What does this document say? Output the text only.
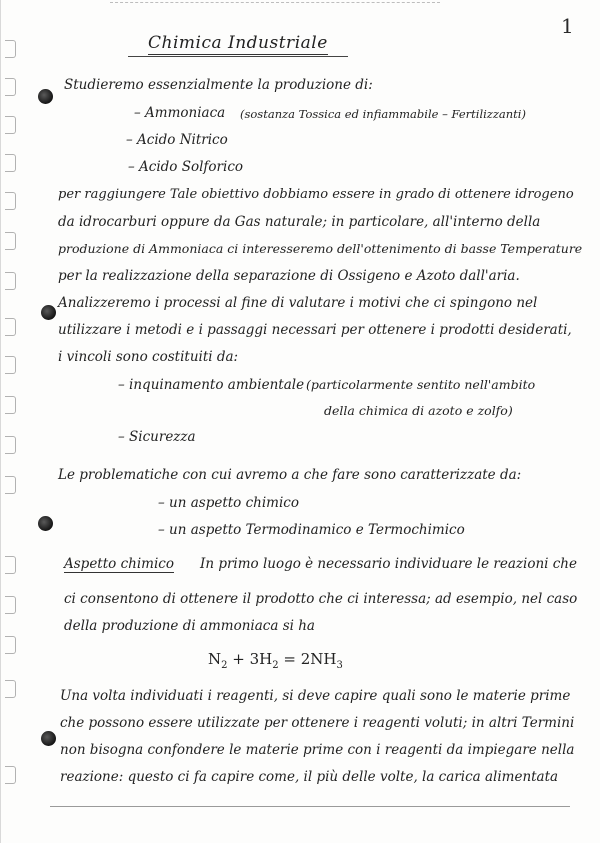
1
Chimica Industriale
Studieremo essenzialmente la produzione di:
– Ammoniaca (sostanza Tossica ed infiammabile – Fertilizzanti)
– Acido Nitrico
– Acido Solforico
per raggiungere Tale obiettivo dobbiamo essere in grado di ottenere idrogeno
da idrocarburi oppure da Gas naturale; in particolare, all'interno della
produzione di Ammoniaca ci interesseremo dell'ottenimento di basse Temperature
per la realizzazione della separazione di Ossigeno e Azoto dall'aria.
Analizzeremo i processi al fine di valutare i motivi che ci spingono nel
utilizzare i metodi e i passaggi necessari per ottenere i prodotti desiderati,
i vincoli sono costituiti da:
– inquinamento ambientale (particolarmente sentito nell'ambito
della chimica di azoto e zolfo)
– Sicurezza
Le problematiche con cui avremo a che fare sono caratterizzate da:
– un aspetto chimico
– un aspetto Termodinamico e Termochimico
Aspetto chimico In primo luogo è necessario individuare le reazioni che
ci consentono di ottenere il prodotto che ci interessa; ad esempio, nel caso
della produzione di ammoniaca si ha
$N_2 + 3H_2 = 2NH_3$
Una volta individuati i reagenti, si deve capire quali sono le materie prime
che possono essere utilizzate per ottenere i reagenti voluti; in altri Termini
non bisogna confondere le materie prime con i reagenti da impiegare nella
reazione: questo ci fa capire come, il più delle volte, la carica alimentata
